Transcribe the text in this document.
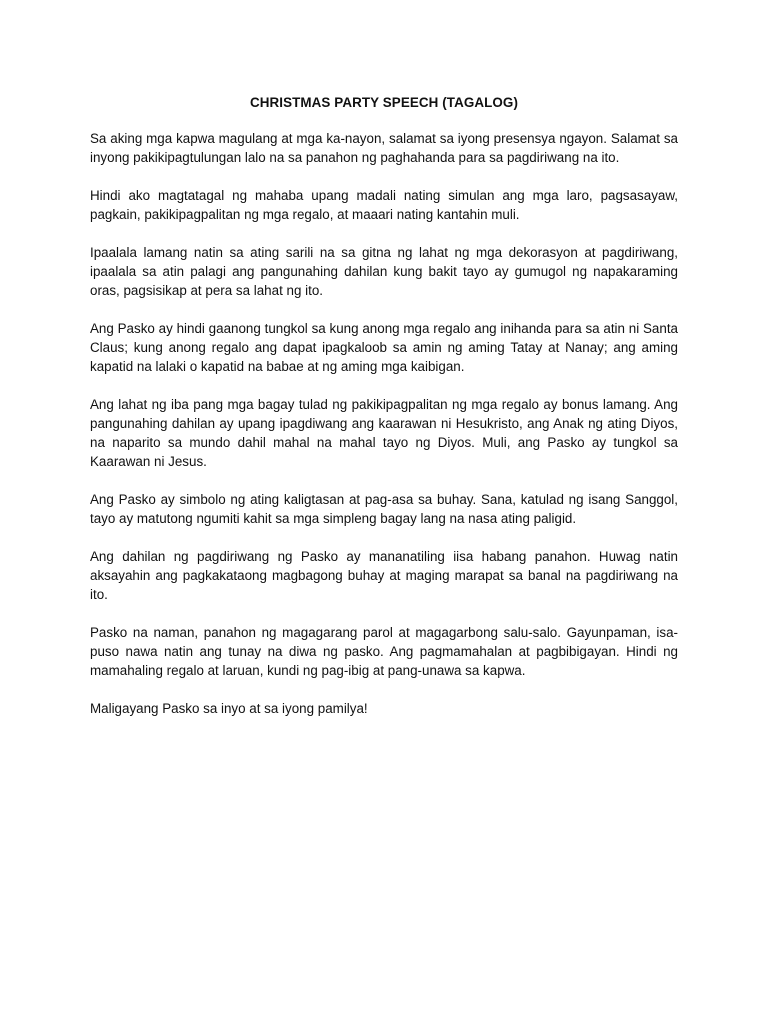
CHRISTMAS PARTY SPEECH (TAGALOG)

Sa aking mga kapwa magulang at mga ka-nayon, salamat sa iyong presensya ngayon. Salamat sa inyong pakikipagtulungan lalo na sa panahon ng paghahanda para sa pagdiriwang na ito.

Hindi ako magtatagal ng mahaba upang madali nating simulan ang mga laro, pagsasayaw, pagkain, pakikipagpalitan ng mga regalo, at maaari nating kantahin muli.

Ipaalala lamang natin sa ating sarili na sa gitna ng lahat ng mga dekorasyon at pagdiriwang, ipaalala sa atin palagi ang pangunahing dahilan kung bakit tayo ay gumugol ng napakaraming oras, pagsisikap at pera sa lahat ng ito.

Ang Pasko ay hindi gaanong tungkol sa kung anong mga regalo ang inihanda para sa atin ni Santa Claus; kung anong regalo ang dapat ipagkaloob sa amin ng aming Tatay at Nanay; ang aming kapatid na lalaki o kapatid na babae at ng aming mga kaibigan.

Ang lahat ng iba pang mga bagay tulad ng pakikipagpalitan ng mga regalo ay bonus lamang. Ang pangunahing dahilan ay upang ipagdiwang ang kaarawan ni Hesukristo, ang Anak ng ating Diyos, na naparito sa mundo dahil mahal na mahal tayo ng Diyos. Muli, ang Pasko ay tungkol sa Kaarawan ni Jesus.

Ang Pasko ay simbolo ng ating kaligtasan at pag-asa sa buhay. Sana, katulad ng isang Sanggol, tayo ay matutong ngumiti kahit sa mga simpleng bagay lang na nasa ating paligid.

Ang dahilan ng pagdiriwang ng Pasko ay mananatiling iisa habang panahon. Huwag natin aksayahin ang pagkakataong magbagong buhay at maging marapat sa banal na pagdiriwang na ito.

Pasko na naman, panahon ng magagarang parol at magagarbong salu-salo. Gayunpaman, isa-puso nawa natin ang tunay na diwa ng pasko. Ang pagmamahalan at pagbibigayan. Hindi ng mamahaling regalo at laruan, kundi ng pag-ibig at pang-unawa sa kapwa.

Maligayang Pasko sa inyo at sa iyong pamilya!
